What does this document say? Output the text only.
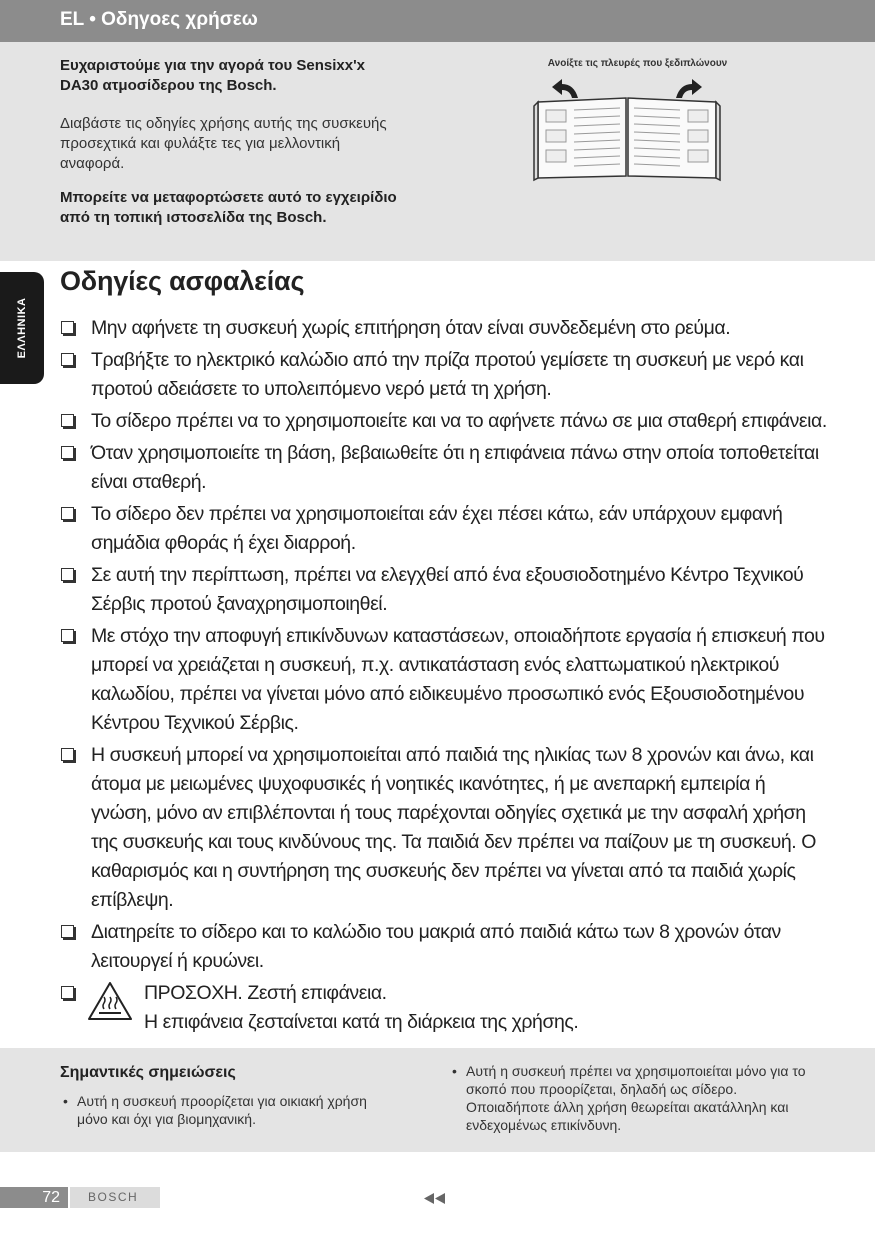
EL • Οδηγοες χρήσεω

Ευχαριστούμε για την αγορά του Sensixx'x DA30 ατμοσίδερου της Bosch.

Διαβάστε τις οδηγίες χρήσης αυτής της συσκευής προσεχτικά και φυλάξτε τες για μελλοντική αναφορά.

Μπορείτε να μεταφορτώσετε αυτό το εγχειρίδιο από τη τοπική ιστοσελίδα της Bosch.

Ανοίξτε τις πλευρές που ξεδιπλώνουν
ΕΛΛΗΝΙΚΑ
Οδηγίες ασφαλείας
Μην αφήνετε τη συσκευή χωρίς επιτήρηση όταν είναι συνδεδεμένη στο ρεύμα.
Τραβήξτε το ηλεκτρικό καλώδιο από την πρίζα προτού γεμίσετε τη συσκευή με νερό και προτού αδειάσετε το υπολειπόμενο νερό μετά τη χρήση.
Το σίδερο πρέπει να το χρησιμοποιείτε και να το αφήνετε πάνω σε μια σταθερή επιφάνεια.
Όταν χρησιμοποιείτε τη βάση, βεβαιωθείτε ότι η επιφάνεια πάνω στην οποία τοποθετείται είναι σταθερή.
Το σίδερο δεν πρέπει να χρησιμοποιείται εάν έχει πέσει κάτω, εάν υπάρχουν εμφανή σημάδια φθοράς ή έχει διαρροή.
Σε αυτή την περίπτωση, πρέπει να ελεγχθεί από ένα εξουσιοδοτημένο Κέντρο Τεχνικού Σέρβις προτού ξαναχρησιμοποιηθεί.
Με στόχο την αποφυγή επικίνδυνων καταστάσεων, οποιαδήποτε εργασία ή επισκευή που μπορεί να χρειάζεται η συσκευή, π.χ. αντικατάσταση ενός ελαττωματικού ηλεκτρικού καλωδίου, πρέπει να γίνεται μόνο από ειδικευμένο προσωπικό ενός Εξουσιοδοτημένου Κέντρου Τεχνικού Σέρβις.
Η συσκευή μπορεί να χρησιμοποιείται από παιδιά της ηλικίας των 8 χρονών και άνω, και άτομα με μειωμένες ψυχοφυσικές ή νοητικές ικανότητες, ή με ανεπαρκή εμπειρία ή γνώση, μόνο αν επιβλέπονται ή τους παρέχονται οδηγίες σχετικά με την ασφαλή χρήση της συσκευής και τους κινδύνους της. Τα παιδιά δεν πρέπει να παίζουν με τη συσκευή. Ο καθαρισμός και η συντήρηση της συσκευής δεν πρέπει να γίνεται από τα παιδιά χωρίς επίβλεψη.
Διατηρείτε το σίδερο και το καλώδιο του μακριά από παιδιά κάτω των 8 χρονών όταν λειτουργεί ή κρυώνει.
ΠΡΟΣΟΧΗ. Ζεστή επιφάνεια.
Η επιφάνεια ζεσταίνεται κατά τη διάρκεια της χρήσης.
Σημαντικές σημειώσεις
• Αυτή η συσκευή προορίζεται για οικιακή χρήση μόνο και όχι για βιομηχανική.
• Αυτή η συσκευή πρέπει να χρησιμοποιείται μόνο για το σκοπό που προορίζεται, δηλαδή ως σίδερο. Οποιαδήποτε άλλη χρήση θεωρείται ακατάλληλη και ενδεχομένως επικίνδυνη.
72	BOSCH
